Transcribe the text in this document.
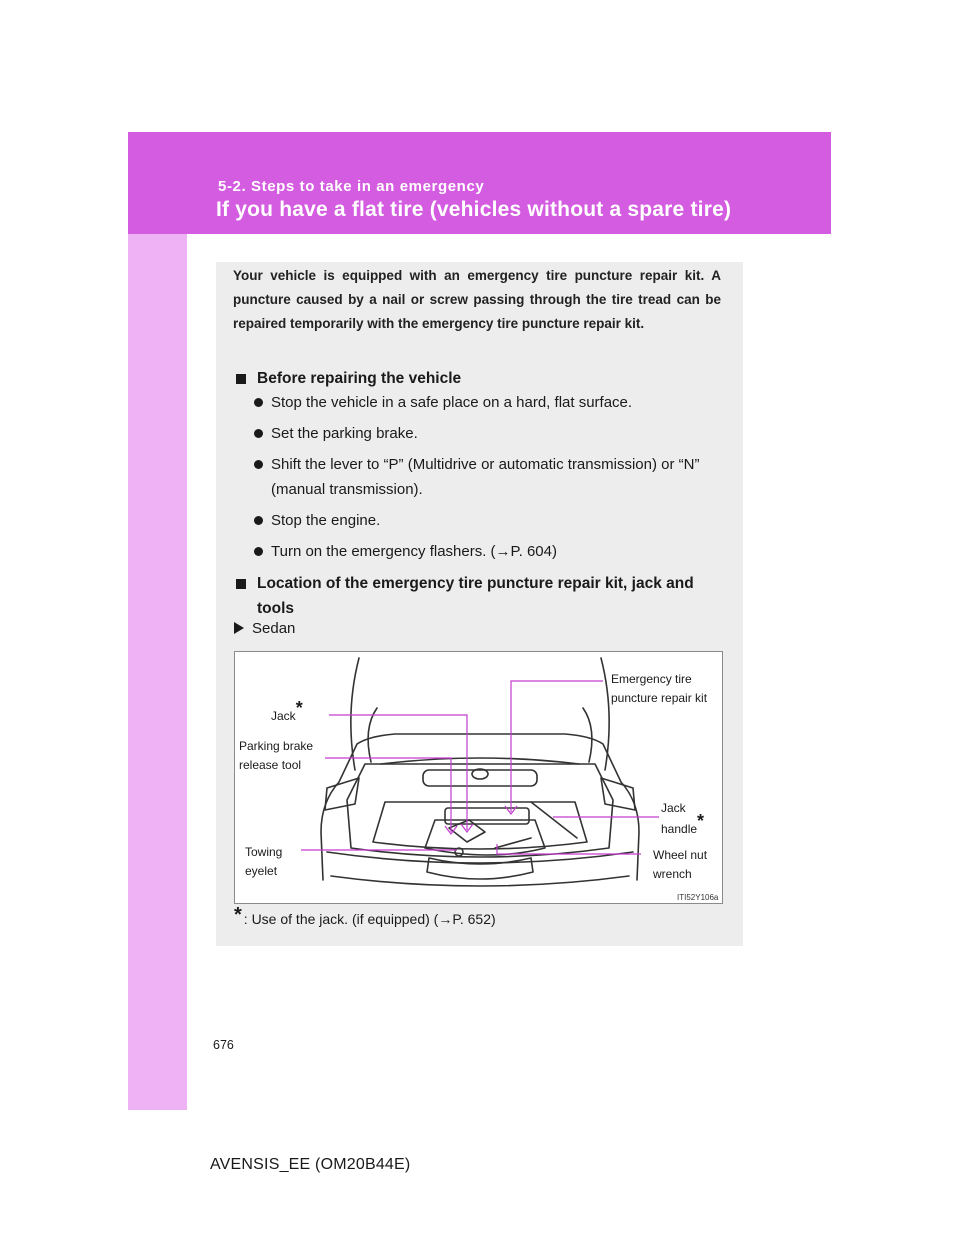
5-2. Steps to take in an emergency
If you have a flat tire (vehicles without a spare tire)

Your vehicle is equipped with an emergency tire puncture repair kit. A puncture caused by a nail or screw passing through the tire tread can be repaired temporarily with the emergency tire puncture repair kit.

Before repairing the vehicle
Stop the vehicle in a safe place on a hard, flat surface.
Set the parking brake.
Shift the lever to “P” (Multidrive or automatic transmission) or “N” (manual transmission).
Stop the engine.
Turn on the emergency flashers. (→P. 604)
Location of the emergency tire puncture repair kit, jack and tools
Sedan
Emergency tire
puncture repair kit
Jack*
Parking brake
release tool
Jack
handle*
Towing
eyelet
Wheel nut
wrench
ITI52Y106a
* : Use of the jack. (if equipped) (→P. 652)
676
AVENSIS_EE (OM20B44E)
